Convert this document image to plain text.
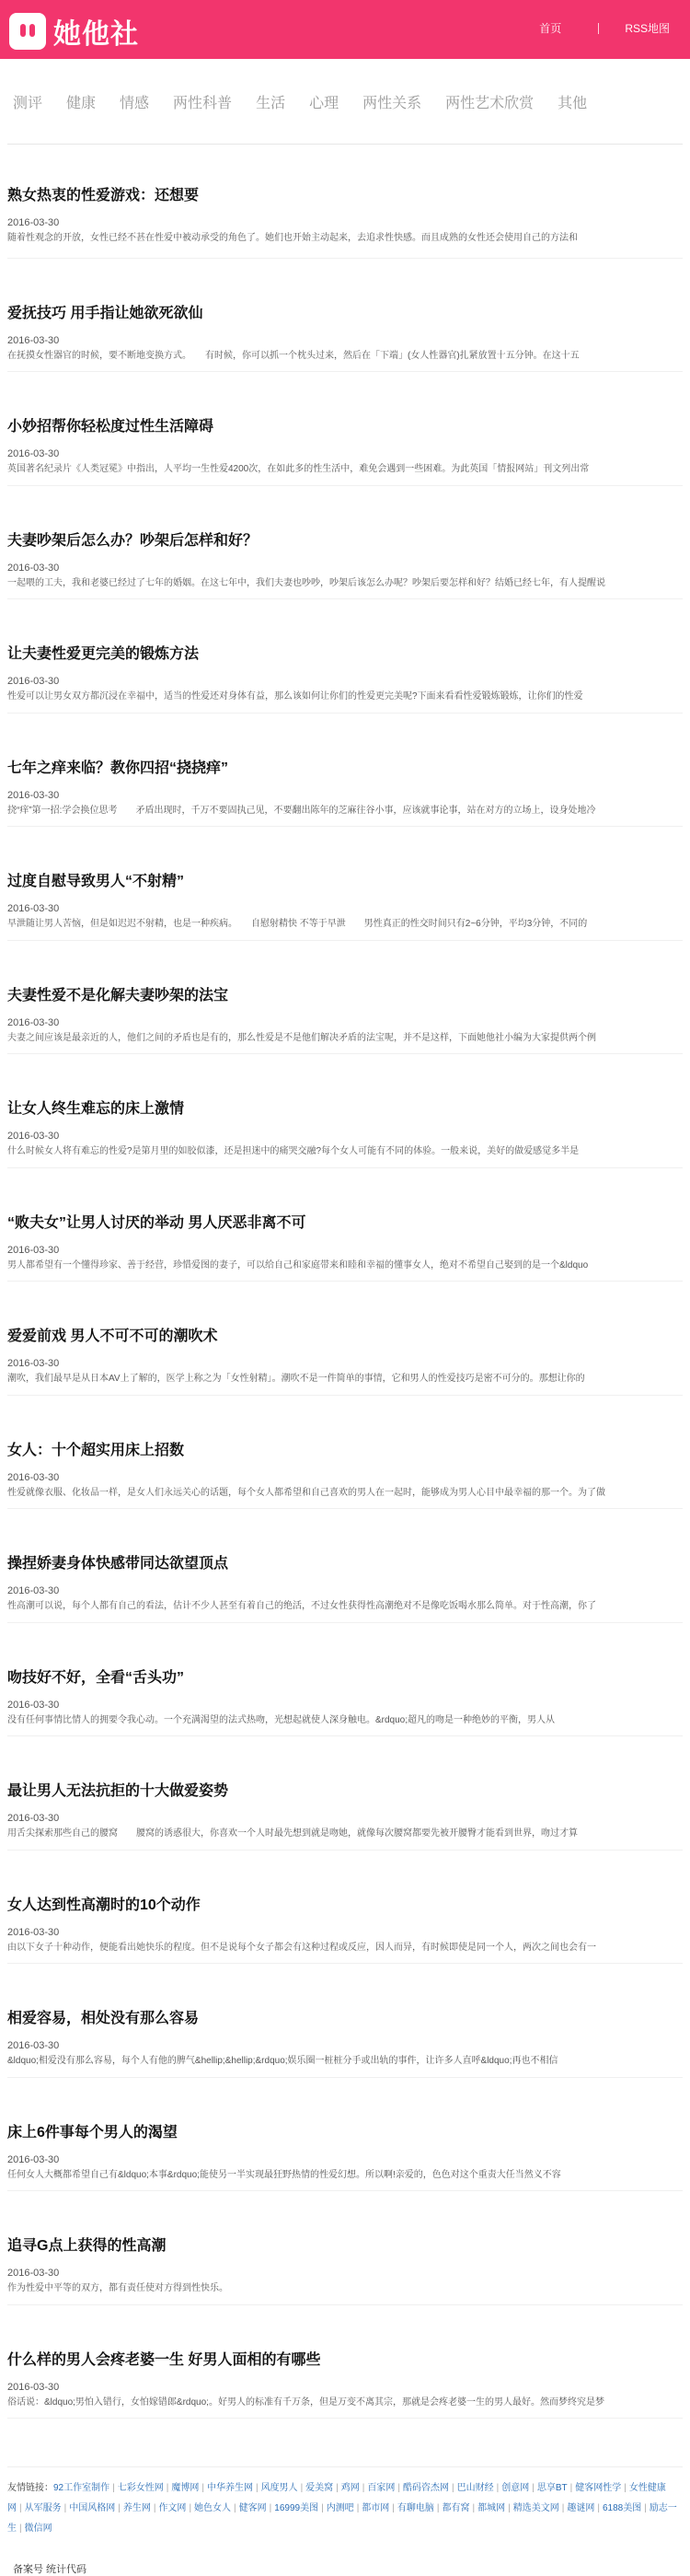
她他社	首页	RSS地图
测评 健康 情感 两性科普 生活 心理 两性关系 两性艺术欣赏 其他
熟女热衷的性爱游戏：还想要
2016-03-30
随着性观念的开放，女性已经不甚在性爱中被动承受的角色了。她们也开始主动起来，去追求性快感。而且成熟的女性还会使用自己的方法和
爱抚技巧 用手指让她欲死欲仙
2016-03-30
在抚摸女性器官的时候，要不断地变换方式。　　有时候，你可以抓一个枕头过来，然后在「下端」(女人性器官)扎紧放置十五分钟。在这十五
小妙招帮你轻松度过性生活障碍
2016-03-30
英国著名纪录片《人类冠冕》中指出，人平均一生性爱4200次，在如此多的性生活中，难免会遇到一些困难。为此英国「情报网站」刊文列出常
夫妻吵架后怎么办？吵架后怎样和好？
2016-03-30
一起喂的工夫，我和老婆已经过了七年的婚姻。在这七年中，我们夫妻也吵吵，吵架后该怎么办呢？吵架后要怎样和好？结婚已经七年，有人提醒说
让夫妻性爱更完美的锻炼方法
2016-03-30
性爱可以让男女双方都沉浸在幸福中，适当的性爱还对身体有益，那么该如何让你们的性爱更完美呢?下面来看看性爱锻炼锻炼，让你们的性爱
七年之痒来临？教你四招“挠挠痒”
2016-03-30
挠“痒”第一招:学会换位思考　　矛盾出现时，千万不要固执己见，不要翻出陈年的芝麻往谷小事，应该就事论事，站在对方的立场上，设身处地冷
过度自慰导致男人“不射精”
2016-03-30
早泄随让男人苦恼，但是如迟迟不射精，也是一种疾病。　　自慰射精快 不等于早泄　　男性真正的性交时间只有2~6分钟，平均3分钟，不同的
夫妻性爱不是化解夫妻吵架的法宝
2016-03-30
夫妻之间应该是最亲近的人，他们之间的矛盾也是有的，那么性爱是不是他们解决矛盾的法宝呢，并不是这样，下面她他社小编为大家提供两个例
让女人终生难忘的床上激情
2016-03-30
什么时候女人将有难忘的性爱?是第月里的如胶似漆，还是担迷中的痛哭交融?每个女人可能有不同的体验。一般来说，美好的做爱感觉多半是
“败夫女”让男人讨厌的举动 男人厌恶非离不可
2016-03-30
男人都希望有一个懂得珍家、善于经营，珍惜爱图的妻子，可以给自己和家庭带来和睦和幸福的懂事女人，绝对不希望自己娶到的是一个&ldquo
爱爱前戏 男人不可不可的潮吹术
2016-03-30
潮吹，我们最早是从日本AV上了解的，医学上称之为「女性射精」。潮吹不是一件简单的事情，它和男人的性爱技巧是密不可分的。那想让你的
女人：十个超实用床上招数
2016-03-30
性爱就像衣服、化妆品一样，是女人们永远关心的话题，每个女人都希望和自己喜欢的男人在一起时，能够成为男人心目中最幸福的那一个。为了做
操捏娇妻身体快感带同达欲望顶点
2016-03-30
性高潮可以说，每个人都有自己的看法，估计不少人甚至有着自己的绝活，不过女性获得性高潮绝对不是像吃饭喝水那么简单。对于性高潮，你了
吻技好不好，全看“舌头功”
2016-03-30
没有任何事情比情人的拥要令我心动。一个充满渴望的法式热吻，光想起就使人深身触电。&rdquo;超凡的吻是一种绝妙的平衡，男人从
最让男人无法抗拒的十大做爱姿势
2016-03-30
用舌尖探索那些自己的腰窝　　腰窝的诱惑很大，你喜欢一个人时最先想到就是吻她，就像每次腰窝都要先被开腰臀才能看到世界，吻过才算
女人达到性高潮时的10个动作
2016-03-30
由以下女子十种动作，便能看出她快乐的程度。但不是说每个女子都会有这种过程或反应，因人而异，有时候即使是同一个人，两次之间也会有一
相爱容易，相处没有那么容易
2016-03-30
&ldquo;相爱没有那么容易，每个人有他的脾气&hellip;&hellip;&rdquo;娱乐圈一桩桩分手或出轨的事件，让许多人直呼&ldquo;再也不相信
床上6件事每个男人的渴望
2016-03-30
任何女人大概都希望自己有&ldquo;本事&rdquo;能使另一半实现最狂野热情的性爱幻想。所以啊!亲爱的，色色对这个重责大任当然义不容
追寻G点上获得的性高潮
2016-03-30
作为性爱中平等的双方，都有责任使对方得到性快乐。
什么样的男人会疼老婆一生 好男人面相的有哪些
2016-03-30
俗话说：&ldquo;男怕入错行，女怕嫁错郎&rdquo;。好男人的标准有千万条，但是万变不离其宗，那就是会疼老婆一生的男人最好。然而梦终究是梦
友情链接：92工作室制作 | 七彩女性网 | 魔博网 | 中华养生网 | 风度男人 | 爱美窝 | 鸡网 | 百家网 | 酷码咨杰网 | 巴山财经 | 创意网 | 思享BT | 健客网性学 | 女性健康网 | 从军服务 | 中国风格网 | 养生网 | 作文网 | 她色女人 | 健客网 | 16999美图 | 内测吧 | 都市网 | 有聊电脑 | 都有窝 | 都城网 | 精选美文网 | 趣谜网 | 6188美图 | 励志一生 | 微信网
备案号 统计代码
